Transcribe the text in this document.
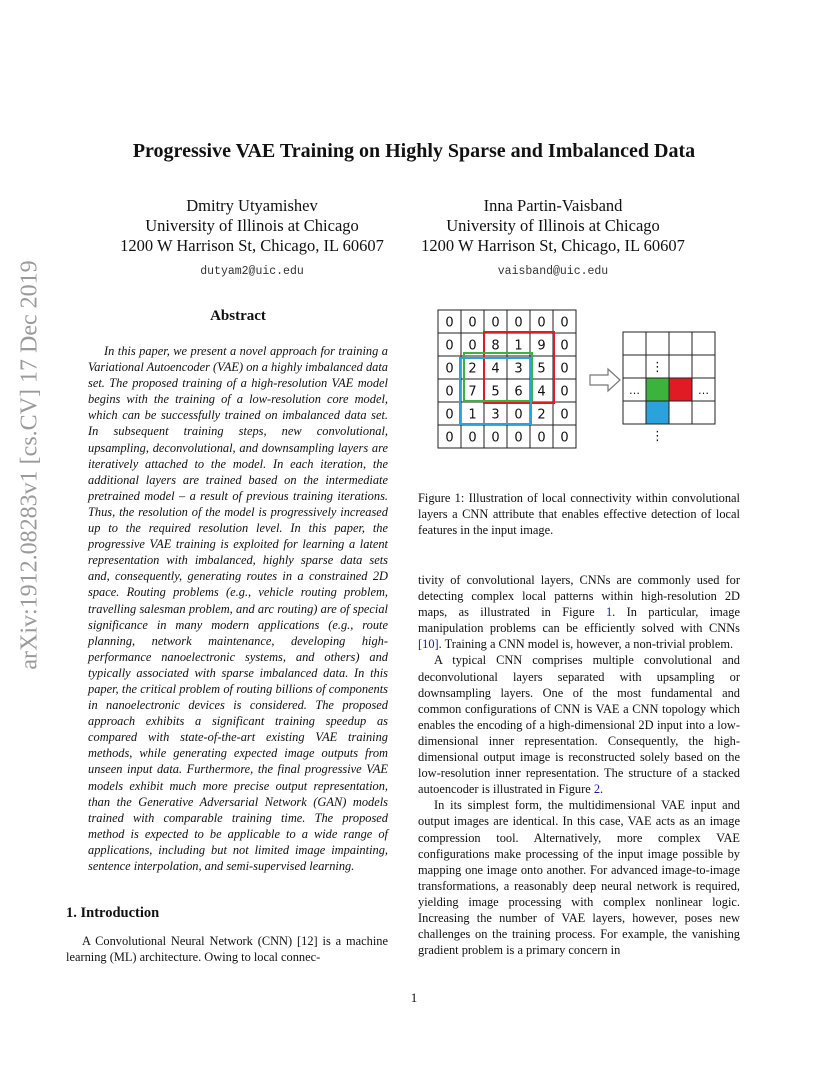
arXiv:1912.08283v1 [cs.CV] 17 Dec 2019
Progressive VAE Training on Highly Sparse and Imbalanced Data
Dmitry Utyamishev
University of Illinois at Chicago
1200 W Harrison St, Chicago, IL 60607
dutyam2@uic.edu
Inna Partin-Vaisband
University of Illinois at Chicago
1200 W Harrison St, Chicago, IL 60607
vaisband@uic.edu
Abstract

In this paper, we present a novel approach for training a Variational Autoencoder (VAE) on a highly imbalanced data set. The proposed training of a high-resolution VAE model begins with the training of a low-resolution core model, which can be successfully trained on imbalanced data set. In subsequent training steps, new convolutional, upsampling, deconvolutional, and downsampling layers are iteratively attached to the model. In each iteration, the additional layers are trained based on the intermediate pretrained model – a result of previous training iterations. Thus, the resolution of the model is progressively increased up to the required resolution level. In this paper, the progressive VAE training is exploited for learning a latent representation with imbalanced, highly sparse data sets and, consequently, generating routes in a constrained 2D space. Routing problems (e.g., vehicle routing problem, travelling salesman problem, and arc routing) are of special significance in many modern applications (e.g., route planning, network maintenance, developing high-performance nanoelectronic systems, and others) and typically associated with sparse imbalanced data. In this paper, the critical problem of routing billions of components in nanoelectronic devices is considered. The proposed approach exhibits a significant training speedup as compared with state-of-the-art existing VAE training methods, while generating expected image outputs from unseen input data. Furthermore, the final progressive VAE models exhibit much more precise output representation, than the Generative Adversarial Network (GAN) models trained with comparable training time. The proposed method is expected to be applicable to a wide range of applications, including but not limited image impainting, sentence interpolation, and semi-supervised learning.

1. Introduction

A Convolutional Neural Network (CNN) [12] is a machine learning (ML) architecture. Owing to local connec-

0 0 0 0 0 0
0 0 8 1 9 0
0 2 4 3 5 0
0 7 5 6 4 0
0 1 3 0 2 0
0 0 0 0 0 0
…	…
⋮
⋮
Figure 1: Illustration of local connectivity within convolutional layers a CNN attribute that enables effective detection of local features in the input image.

tivity of convolutional layers, CNNs are commonly used for detecting complex local patterns within high-resolution 2D maps, as illustrated in Figure 1. In particular, image manipulation problems can be efficiently solved with CNNs [10]. Training a CNN model is, however, a non-trivial problem.

A typical CNN comprises multiple convolutional and deconvolutional layers separated with upsampling or downsampling layers. One of the most fundamental and common configurations of CNN is VAE a CNN topology which enables the encoding of a high-dimensional 2D input into a low-dimensional inner representation. Consequently, the high-dimensional output image is reconstructed solely based on the low-resolution inner representation. The structure of a stacked autoencoder is illustrated in Figure 2.

In its simplest form, the multidimensional VAE input and output images are identical. In this case, VAE acts as an image compression tool. Alternatively, more complex VAE configurations make processing of the input image possible by mapping one image onto another. For advanced image-to-image transformations, a reasonably deep neural network is required, yielding image processing with complex nonlinear logic. Increasing the number of VAE layers, however, poses new challenges on the training process. For example, the vanishing gradient problem is a primary concern in

1
